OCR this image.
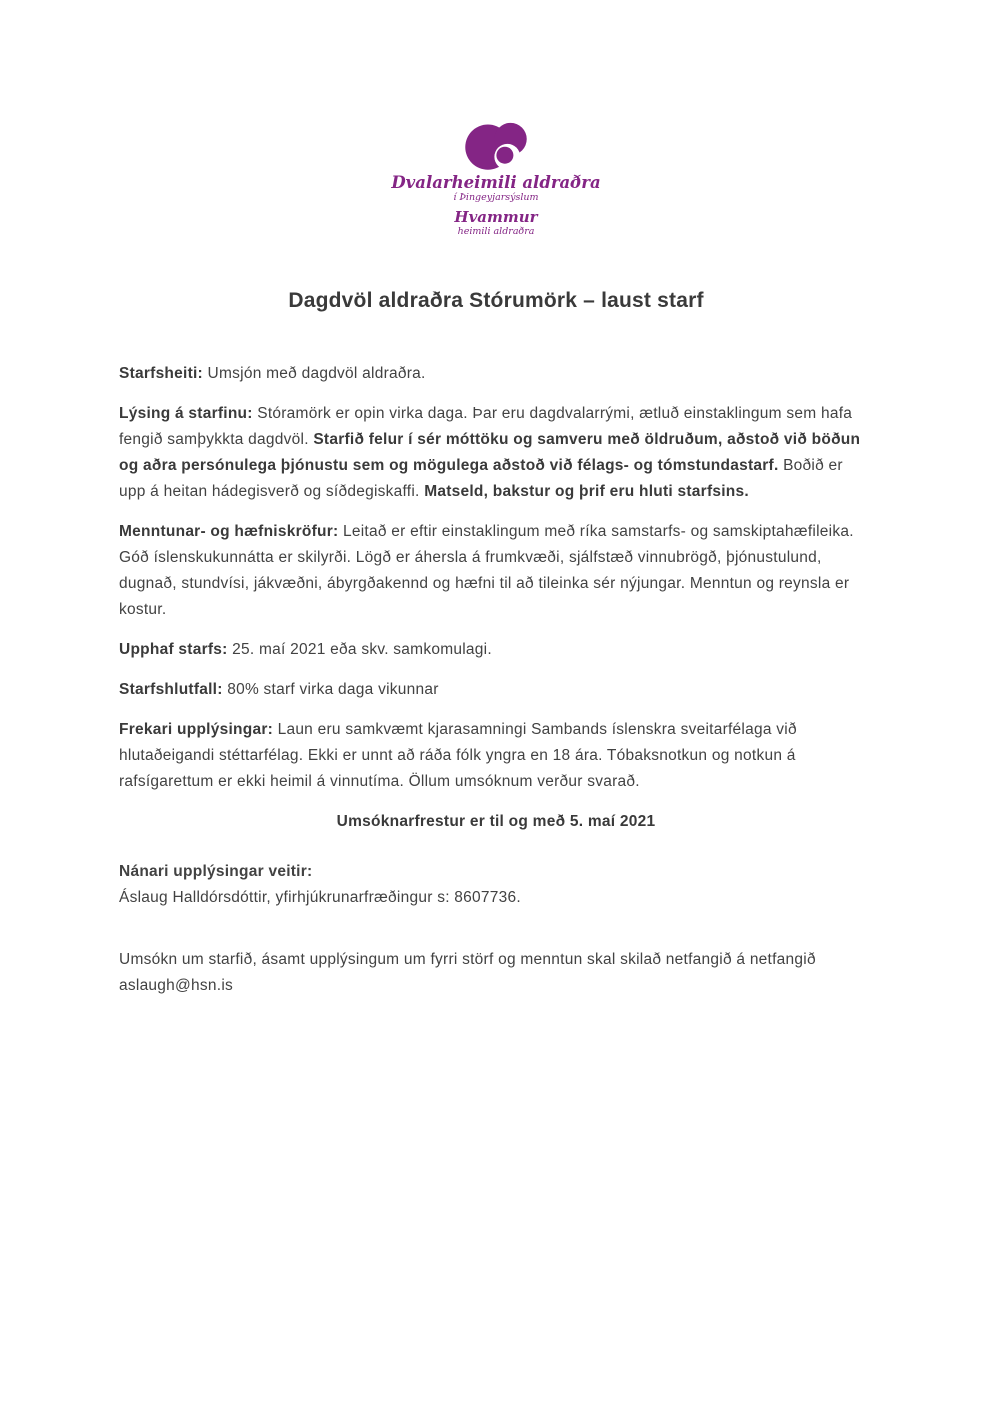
Dvalarheimili aldraðra
í Þingeyjarsýslum
Hvammur
heimili aldraðra
Dagdvöl aldraðra Stórumörk – laust starf

Starfsheiti: Umsjón með dagdvöl aldraðra.

Lýsing á starfinu: Stóramörk er opin virka daga. Þar eru dagdvalarrými, ætluð einstaklingum sem hafa fengið samþykkta dagdvöl. Starfið felur í sér móttöku og samveru með öldruðum, aðstoð við böðun og aðra persónulega þjónustu sem og mögulega aðstoð við félags- og tómstundastarf. Boðið er upp á heitan hádegisverð og síðdegiskaffi. Matseld, bakstur og þrif eru hluti starfsins.

Menntunar- og hæfniskröfur: Leitað er eftir einstaklingum með ríka samstarfs- og samskiptahæfileika. Góð íslenskukunnátta er skilyrði. Lögð er áhersla á frumkvæði, sjálfstæð vinnubrögð, þjónustulund, dugnað, stundvísi, jákvæðni, ábyrgðakennd og hæfni til að tileinka sér nýjungar. Menntun og reynsla er kostur.

Upphaf starfs: 25. maí 2021 eða skv. samkomulagi.

Starfshlutfall: 80% starf virka daga vikunnar

Frekari upplýsingar: Laun eru samkvæmt kjarasamningi Sambands íslenskra sveitarfélaga við hlutaðeigandi stéttarfélag. Ekki er unnt að ráða fólk yngra en 18 ára. Tóbaksnotkun og notkun á rafsígarettum er ekki heimil á vinnutíma. Öllum umsóknum verður svarað.

Umsóknarfrestur er til og með 5. maí 2021

Nánari upplýsingar veitir:
Áslaug Halldórsdóttir, yfirhjúkrunarfræðingur s: 8607736.

Umsókn um starfið, ásamt upplýsingum um fyrri störf og menntun skal skilað netfangið á netfangið aslaugh@hsn.is
